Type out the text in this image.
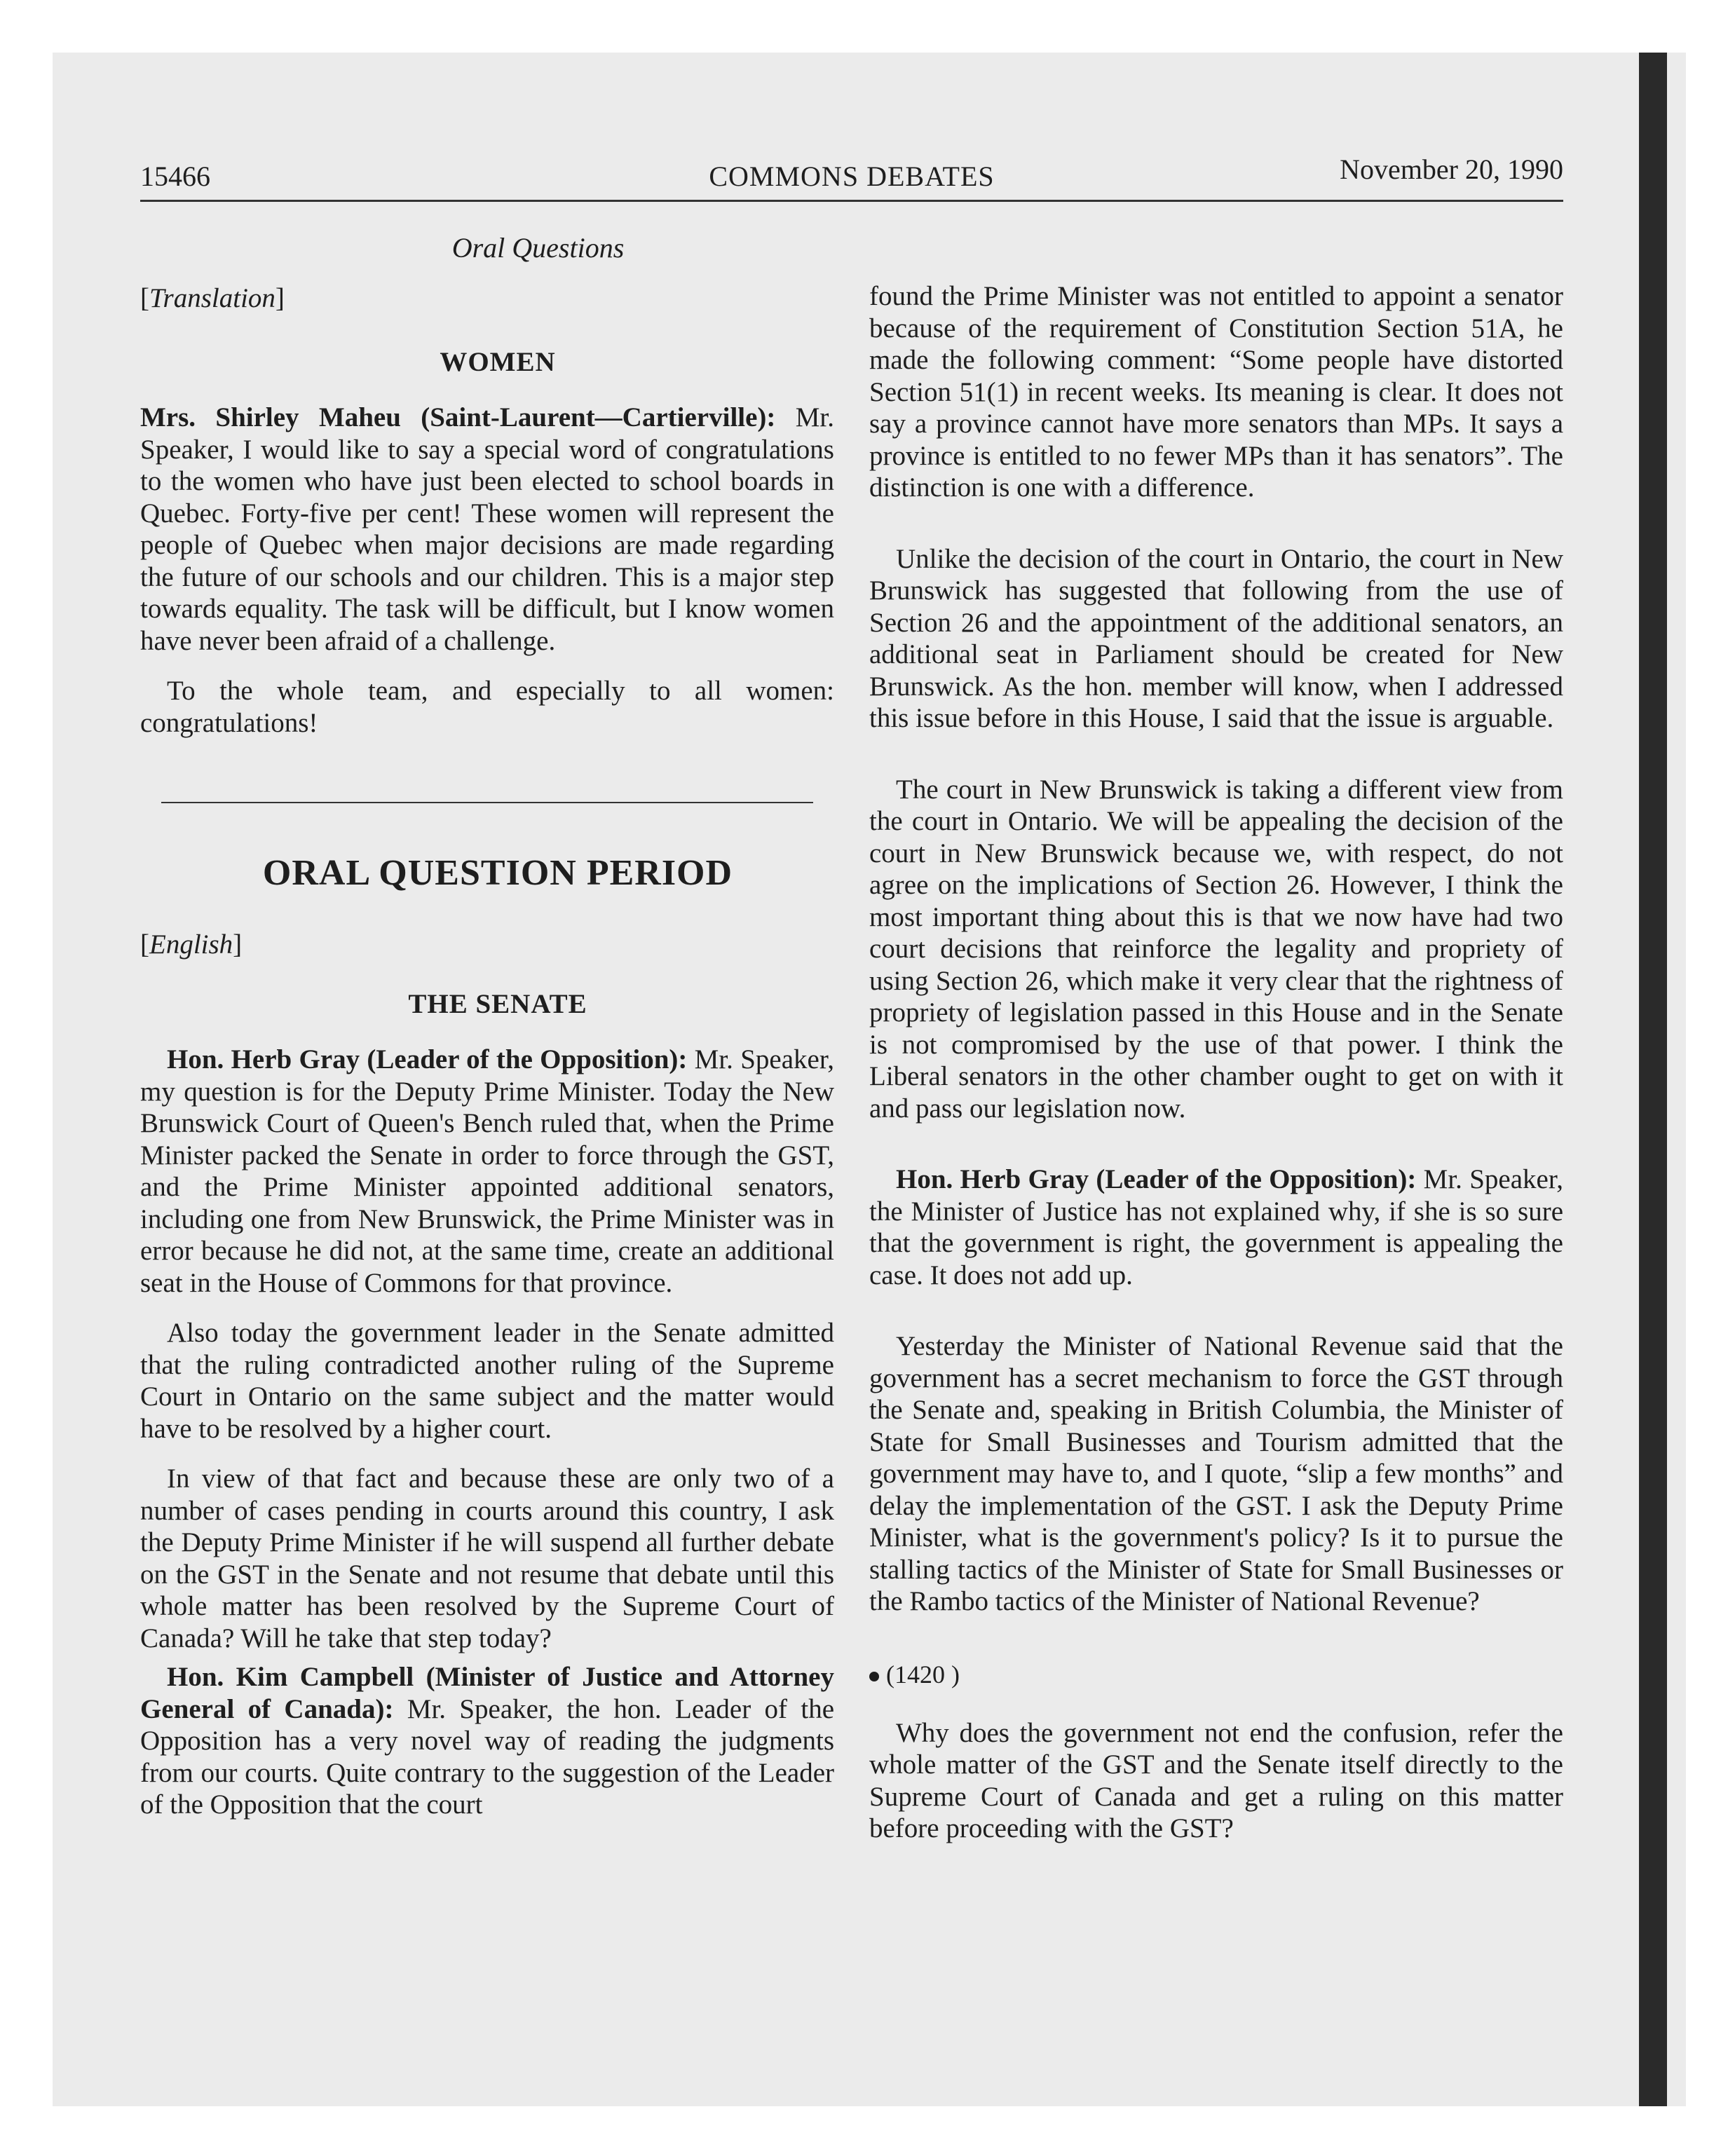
15466	COMMONS DEBATES	November 20, 1990
Oral Questions
[Translation]
WOMEN

Mrs. Shirley Maheu (Saint-Laurent—Cartierville): Mr. Speaker, I would like to say a special word of congratulations to the women who have just been elected to school boards in Quebec. Forty-five per cent! These women will represent the people of Quebec when major decisions are made regarding the future of our schools and our children. This is a major step towards equality. The task will be difficult, but I know women have never been afraid of a challenge.

To the whole team, and especially to all women: congratulations!

ORAL QUESTION PERIOD
[English]
THE SENATE

Hon. Herb Gray (Leader of the Opposition): Mr. Speaker, my question is for the Deputy Prime Minister. Today the New Brunswick Court of Queen's Bench ruled that, when the Prime Minister packed the Senate in order to force through the GST, and the Prime Minister appointed additional senators, including one from New Brunswick, the Prime Minister was in error because he did not, at the same time, create an additional seat in the House of Commons for that province.

Also today the government leader in the Senate admitted that the ruling contradicted another ruling of the Supreme Court in Ontario on the same subject and the matter would have to be resolved by a higher court.

In view of that fact and because these are only two of a number of cases pending in courts around this country, I ask the Deputy Prime Minister if he will suspend all further debate on the GST in the Senate and not resume that debate until this whole matter has been resolved by the Supreme Court of Canada? Will he take that step today?

Hon. Kim Campbell (Minister of Justice and Attorney General of Canada): Mr. Speaker, the hon. Leader of the Opposition has a very novel way of reading the judgments from our courts. Quite contrary to the suggestion of the Leader of the Opposition that the court

found the Prime Minister was not entitled to appoint a senator because of the requirement of Constitution Section 51A, he made the following comment: “Some people have distorted Section 51(1) in recent weeks. Its meaning is clear. It does not say a province cannot have more senators than MPs. It says a province is entitled to no fewer MPs than it has senators”. The distinction is one with a difference.

Unlike the decision of the court in Ontario, the court in New Brunswick has suggested that following from the use of Section 26 and the appointment of the additional senators, an additional seat in Parliament should be created for New Brunswick. As the hon. member will know, when I addressed this issue before in this House, I said that the issue is arguable.

The court in New Brunswick is taking a different view from the court in Ontario. We will be appealing the decision of the court in New Brunswick because we, with respect, do not agree on the implications of Section 26. However, I think the most important thing about this is that we now have had two court decisions that reinforce the legality and propriety of using Section 26, which make it very clear that the rightness of propriety of legislation passed in this House and in the Senate is not compromised by the use of that power. I think the Liberal senators in the other chamber ought to get on with it and pass our legislation now.

Hon. Herb Gray (Leader of the Opposition): Mr. Speaker, the Minister of Justice has not explained why, if she is so sure that the government is right, the government is appealing the case. It does not add up.

Yesterday the Minister of National Revenue said that the government has a secret mechanism to force the GST through the Senate and, speaking in British Columbia, the Minister of State for Small Businesses and Tourism admitted that the government may have to, and I quote, “slip a few months” and delay the implementation of the GST. I ask the Deputy Prime Minister, what is the government's policy? Is it to pursue the stalling tactics of the Minister of State for Small Businesses or the Rambo tactics of the Minister of National Revenue?

(1420 )

Why does the government not end the confusion, refer the whole matter of the GST and the Senate itself directly to the Supreme Court of Canada and get a ruling on this matter before proceeding with the GST?
